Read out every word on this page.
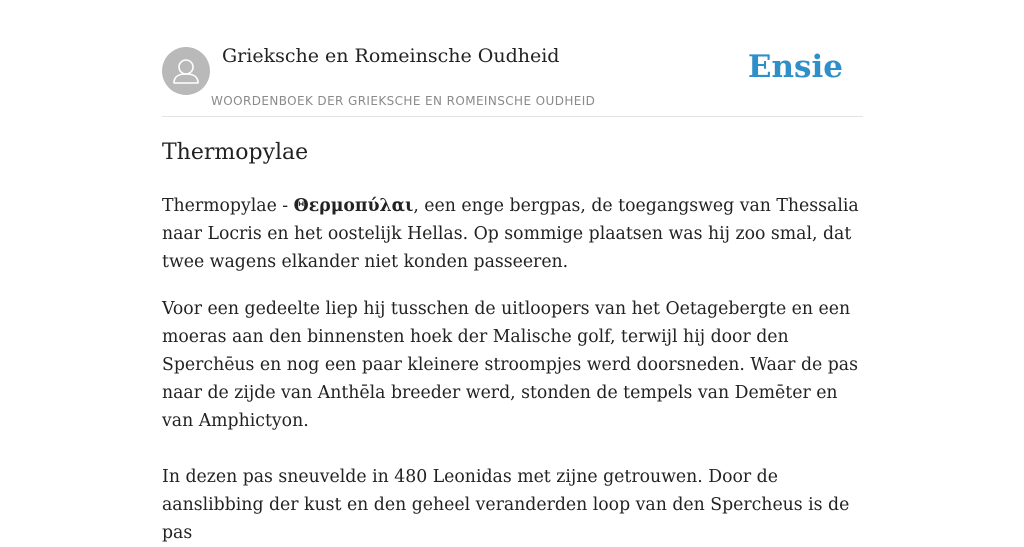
Grieksche en Romeinsche Oudheid
WOORDENBOEK DER GRIEKSCHE EN ROMEINSCHE OUDHEID
Ensie
Thermopylae

Thermopylae - Θερμοπύλαι, een enge bergpas, de toegangsweg van Thessalia naar Locris en het oostelijk Hellas. Op sommige plaatsen was hij zoo smal, dat twee wagens elkander niet konden passeeren.

Voor een gedeelte liep hij tusschen de uitloopers van het Oetagebergte en een moeras aan den binnensten hoek der Malische golf, terwijl hij door den Sperchēus en nog een paar kleinere stroompjes werd doorsneden. Waar de pas naar de zijde van Anthēla breeder werd, stonden de tempels van Demēter en van Amphictyon.

In dezen pas sneuvelde in 480 Leonidas met zijne getrouwen. Door de aanslibbing der kust en den geheel veranderden loop van den Spercheus is de pas
